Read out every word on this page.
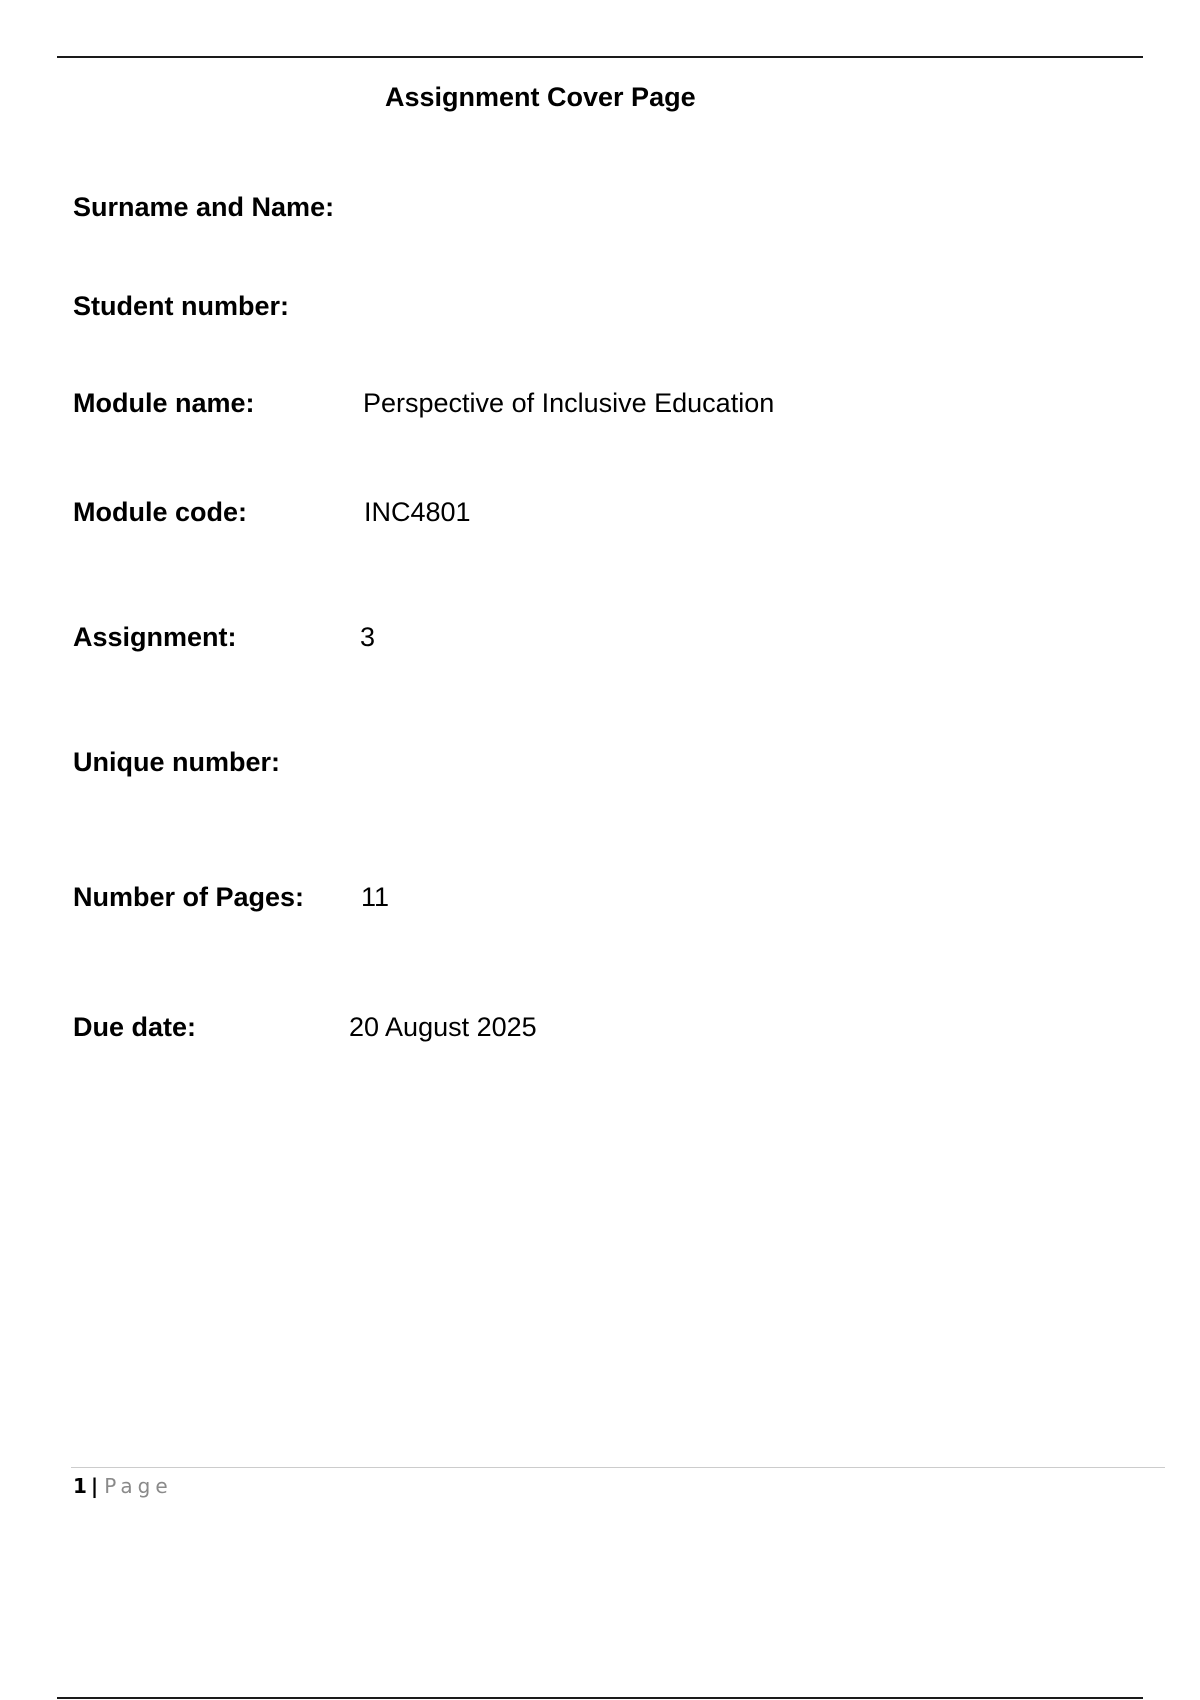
Assignment Cover Page
Surname and Name:
Student number:
Module name:	Perspective of Inclusive Education
Module code:	INC4801
Assignment:	3
Unique number:
Number of Pages: 11
Due date:	20 August 2025
1 | Page
